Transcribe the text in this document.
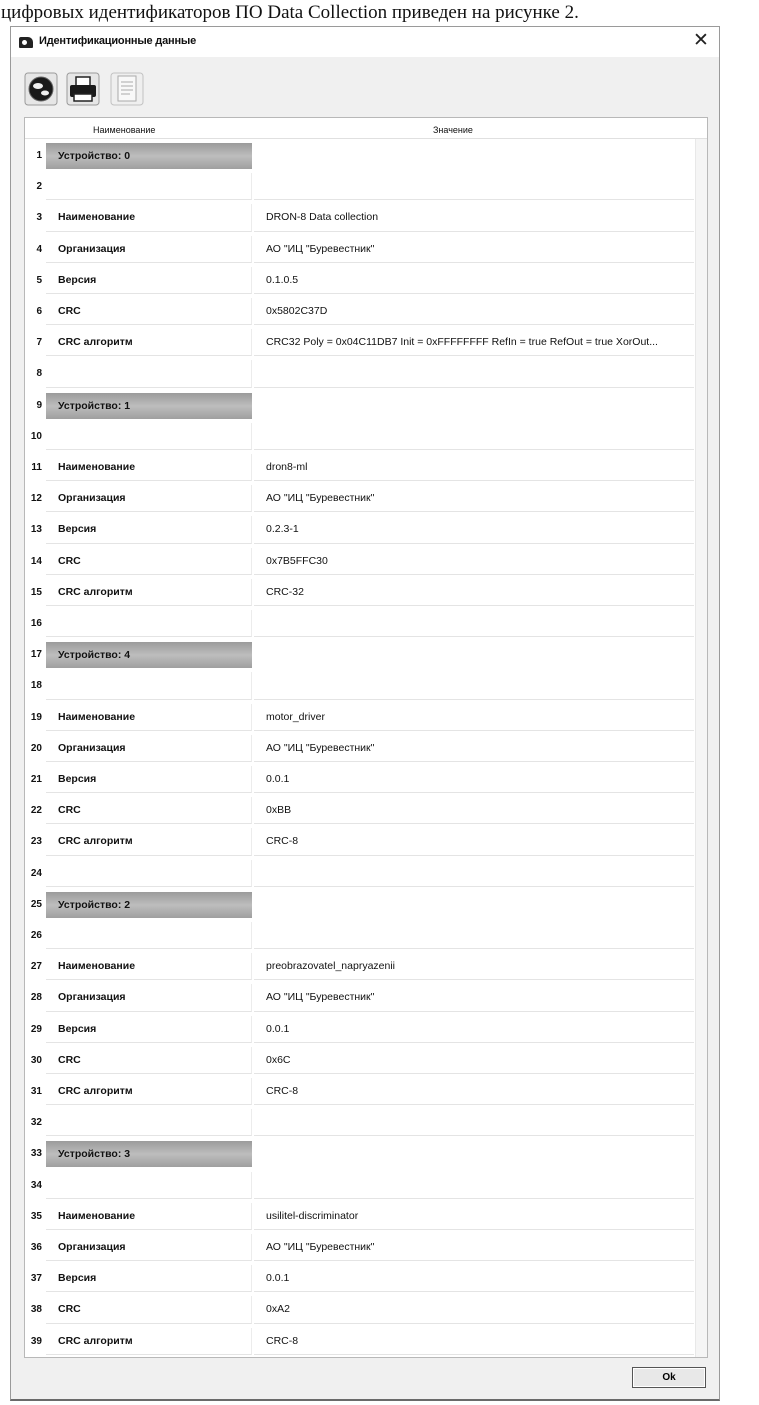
цифровых идентификаторов ПО Data Collection приведен на рисунке 2.
Идентификационные данные	✕
Наименование	Значение
1	Устройство: 0
2
3	Наименование	DRON-8 Data collection
4	Организация	АО "ИЦ "Буревестник"
5	Версия	0.1.0.5
6	CRC	0x5802C37D
7	CRC алгоритм	CRC32 Poly = 0x04C11DB7 Init = 0xFFFFFFFF RefIn = true RefOut = true XorOut...
8
9	Устройство: 1
10
11	Наименование	dron8-ml
12	Организация	АО "ИЦ "Буревестник"
13	Версия	0.2.3-1
14	CRC	0x7B5FFC30
15	CRC алгоритм	CRC-32
16
17	Устройство: 4
18
19	Наименование	motor_driver
20	Организация	АО "ИЦ "Буревестник"
21	Версия	0.0.1
22	CRC	0xBB
23	CRC алгоритм	CRC-8
24
25	Устройство: 2
26
27	Наименование	preobrazovatel_napryazenii
28	Организация	АО "ИЦ "Буревестник"
29	Версия	0.0.1
30	CRC	0x6C
31	CRC алгоритм	CRC-8
32
33	Устройство: 3
34
35	Наименование	usilitel-discriminator
36	Организация	АО "ИЦ "Буревестник"
37	Версия	0.0.1
38	CRC	0xA2
39	CRC алгоритм	CRC-8
Ok
